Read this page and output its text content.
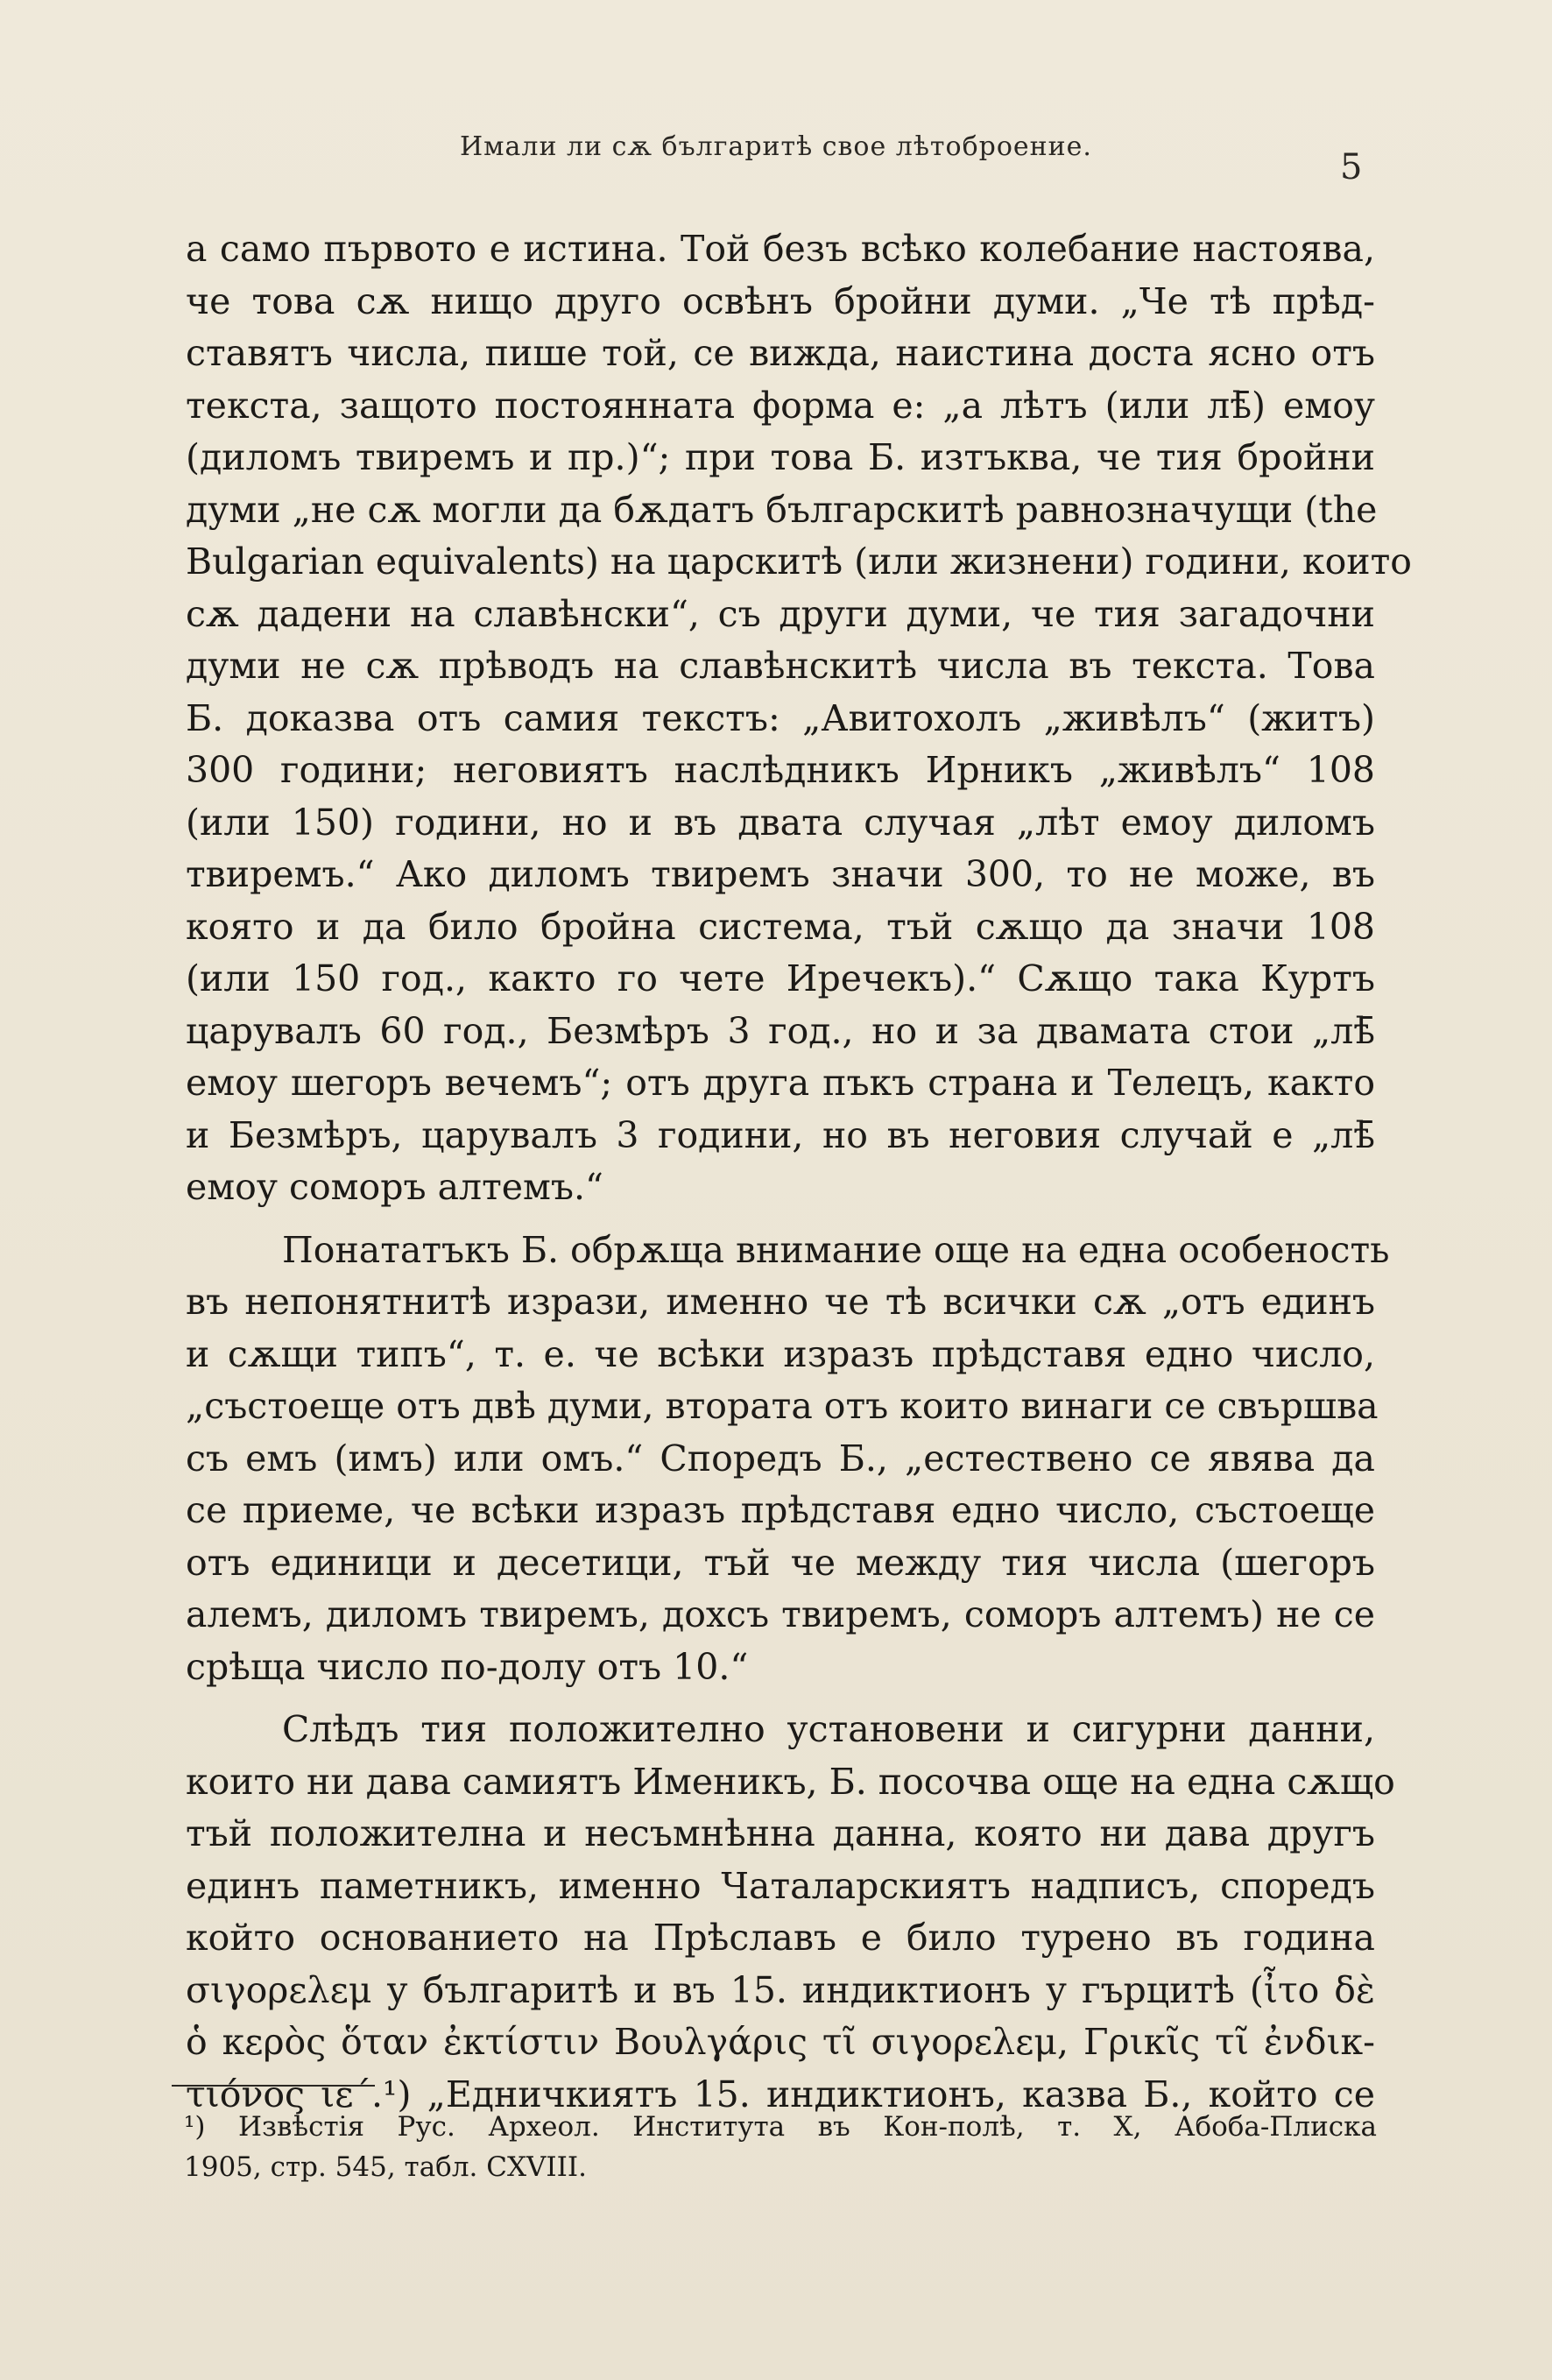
Имали ли сѫ българитѣ свое лѣтоброение.
5
а само първото е истина. Той безъ всѣко колебание настоява,
че това сѫ нищо друго освѣнъ бройни думи. „Че тѣ прѣд-
ставятъ числа, пише той, се вижда, наистина доста ясно отъ
текста, защото постоянната форма е: „а лѣтъ (или лѣ̄) емоу
(диломъ твиремъ и пр.)“; при това Б. изтъква, че тия бройни
думи „не сѫ могли да бѫдатъ българскитѣ равнозначущи (the
Bulgarian equivalents) на царскитѣ (или жизнени) години, които
сѫ дадени на славѣнски“, съ други думи, че тия загадочни
думи не сѫ прѣводъ на славѣнскитѣ числа въ текста. Това
Б. доказва отъ самия текстъ: „Авитохолъ „живѣлъ“ (житъ)
300 години; неговиятъ наслѣдникъ Ирникъ „живѣлъ“ 108
(или 150) години, но и въ двата случая „лѣт емоу диломъ
твиремъ.“ Ако диломъ твиремъ значи 300, то не може, въ
която и да било бройна система, тъй сѫщо да значи 108
(или 150 год., както го чете Иречекъ).“ Сѫщо така Куртъ
царувалъ 60 год., Безмѣръ 3 год., но и за двамата стои „лѣ̄
емоу шегоръ вечемъ“; отъ друга пъкъ страна и Телецъ, както
и Безмѣръ, царувалъ 3 години, но въ неговия случай е „лѣ̄
емоу соморъ алтемъ.“
Понататъкъ Б. обрѫща внимание още на една особеность
въ непонятнитѣ изрази, именно че тѣ всички сѫ „отъ единъ
и сѫщи типъ“, т. е. че всѣки изразъ прѣдставя едно число,
„състоеще отъ двѣ думи, втората отъ които винаги се свършва
съ емъ (имъ) или омъ.“ Споредъ Б., „естествено се явява да
се приеме, че всѣки изразъ прѣдставя едно число, състоеще
отъ единици и десетици, тъй че между тия числа (шегоръ
алемъ, диломъ твиремъ, дохсъ твиремъ, соморъ алтемъ) не се
срѣща число по-долу отъ 10.“
Слѣдъ тия положително установени и сигурни данни,
които ни дава самиятъ Именикъ, Б. посочва още на една сѫщо
тъй положителна и несъмнѣнна данна, която ни дава другъ
единъ паметникъ, именно Чаталарскиятъ надписъ, споредъ
който основанието на Прѣславъ е било турено въ година
σιγορελεμ у българитѣ и въ 15. индиктионъ у гърцитѣ (ἶτο δὲ
ὁ κερὸς ὅταν ἐκτίστιν Βουλγάρις τῖ σιγορελεμ, Γρικῖς τῖ ἐνδικ-
τιόνος ιε΄.¹) „Едничкиятъ 15. индиктионъ, казва Б., който се
¹) Извѣстія Рус. Археол. Института въ Кон-полѣ, т. X, Абоба-Плиска
1905, стр. 545, табл. CXVIII.
